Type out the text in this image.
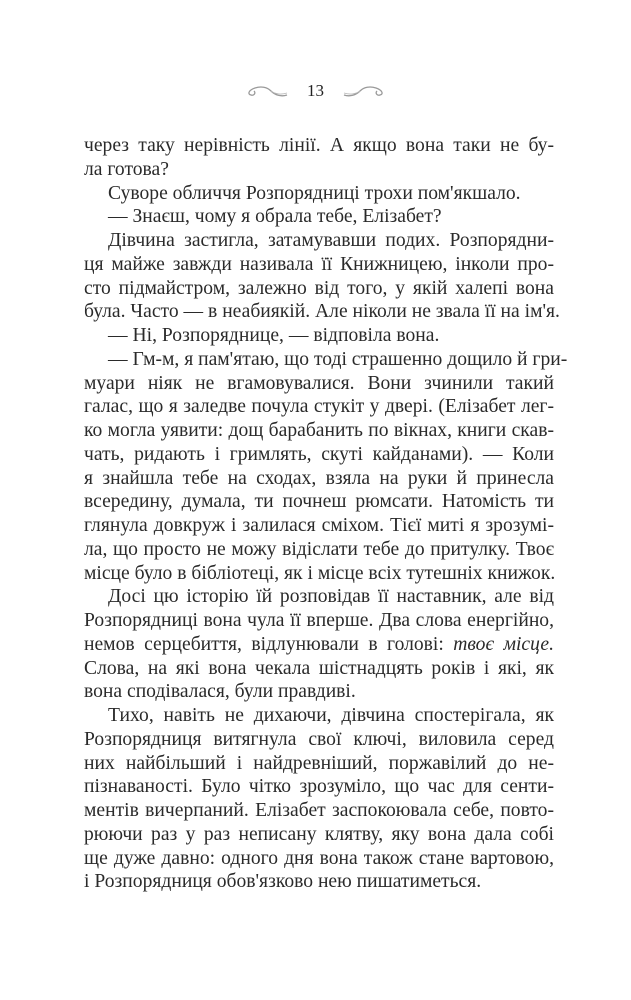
13
через таку нерівність лінії. А якщо вона таки не бу-
ла готова?
Суворе обличчя Розпорядниці трохи пом'якшало.
— Знаєш, чому я обрала тебе, Елізабет?
Дівчина застигла, затамувавши подих. Розпорядни-
ця майже завжди називала її Книжницею, інколи про-
сто підмайстром, залежно від того, у якій халепі вона
була. Часто — в неабиякій. Але ніколи не звала її на ім'я.
— Ні, Розпоряднице, — відповіла вона.
— Гм-м, я пам'ятаю, що тоді страшенно дощило й гри-
муари ніяк не вгамовувалися. Вони зчинили такий
галас, що я заледве почула стукіт у двері. (Елізабет лег-
ко могла уявити: дощ барабанить по вікнах, книги скав-
чать, ридають і гримлять, скуті кайданами). — Коли
я знайшла тебе на сходах, взяла на руки й принесла
всередину, думала, ти почнеш рюмсати. Натомість ти
глянула довкруж і залилася сміхом. Тієї миті я зрозумі-
ла, що просто не можу відіслати тебе до притулку. Твоє
місце було в бібліотеці, як і місце всіх тутешніх книжок.
Досі цю історію їй розповідав її наставник, але від
Розпорядниці вона чула її вперше. Два слова енергійно,
немов серцебиття, відлунювали в голові: твоє місце.
Слова, на які вона чекала шістнадцять років і які, як
вона сподівалася, були правдиві.
Тихо, навіть не дихаючи, дівчина спостерігала, як
Розпорядниця витягнула свої ключі, виловила серед
них найбільший і найдревніший, поржавілий до не-
пізнаваності. Було чітко зрозуміло, що час для сенти-
ментів вичерпаний. Елізабет заспокоювала себе, повто-
рюючи раз у раз неписану клятву, яку вона дала собі
ще дуже давно: одного дня вона також стане вартовою,
і Розпорядниця обов'язково нею пишатиметься.
